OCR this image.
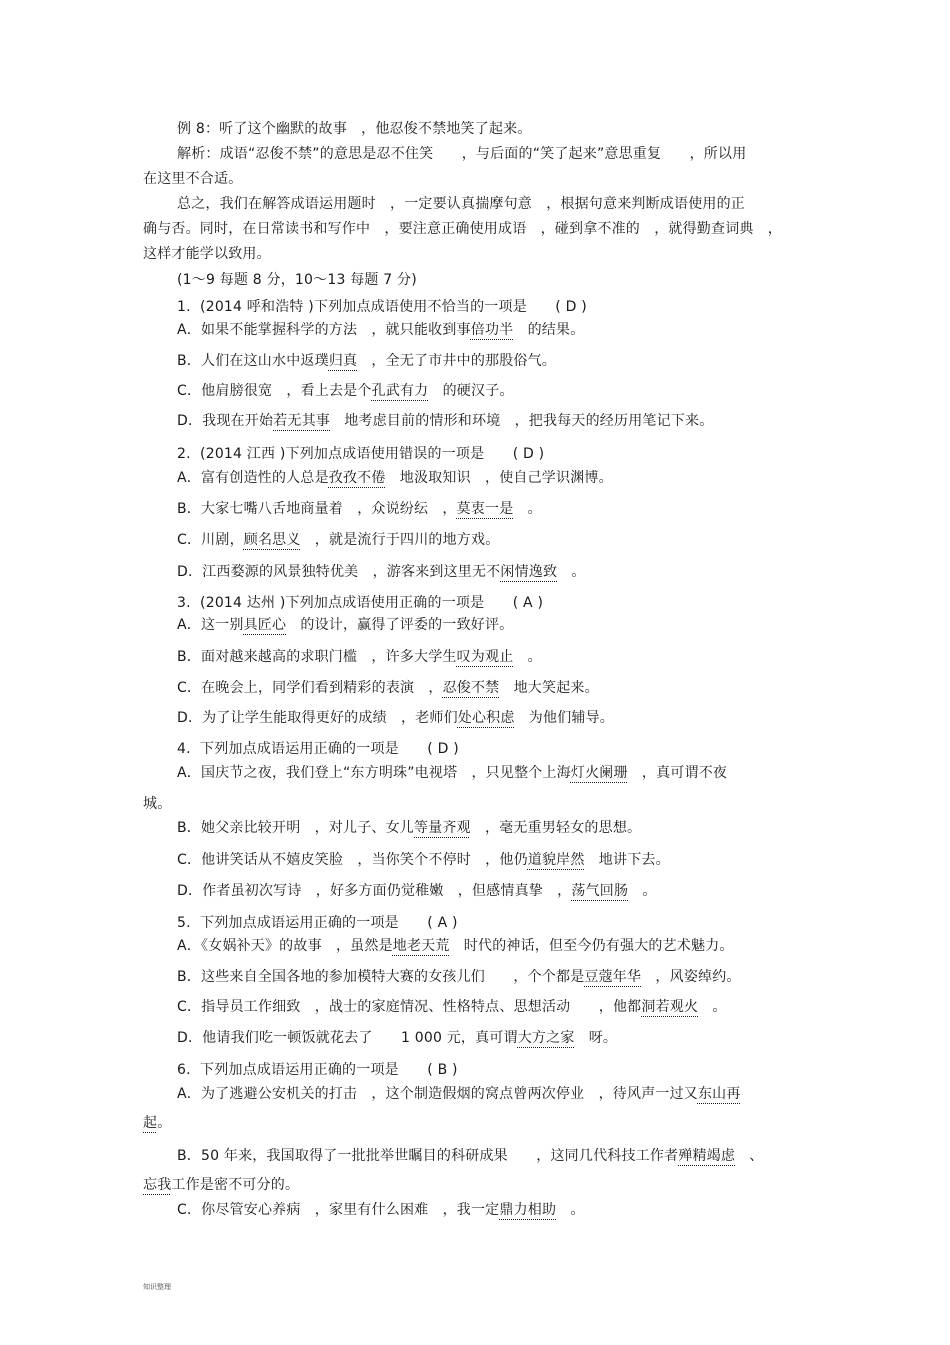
例 8：听了这个幽默的故事　，他忍俊不禁地笑了起来。
解析：成语“忍俊不禁”的意思是忍不住笑　　，与后面的“笑了起来”意思重复　　，所以用
在这里不合适。
总之，我们在解答成语运用题时　，一定要认真揣摩句意　，根据句意来判断成语使用的正
确与否。同时，在日常读书和写作中　，要注意正确使用成语　，碰到拿不准的　，就得勤查词典　，
这样才能学以致用。
(1～9 每题 8 分，10～13 每题 7 分)
1.  (2014 呼和浩特 )下列加点成语使用不恰当的一项是　　( D )
A．如果不能掌握科学的方法　，就只能收到事倍功半　的结果。
B．人们在这山水中返璞归真　，全无了市井中的那股俗气。
C．他肩膀很宽　，看上去是个孔武有力　的硬汉子。
D．我现在开始若无其事　地考虑目前的情形和环境　，把我每天的经历用笔记下来。
2.  (2014 江西 )下列加点成语使用错误的一项是　　( D )
A．富有创造性的人总是孜孜不倦　地汲取知识　，使自己学识渊博。
B．大家七嘴八舌地商量着　，众说纷纭　，莫衷一是　。
C．川剧，顾名思义　，就是流行于四川的地方戏。
D．江西婺源的风景独特优美　，游客来到这里无不闲情逸致　。
3.  (2014 达州 )下列加点成语使用正确的一项是　　( A )
A．这一别具匠心　的设计，赢得了评委的一致好评。
B．面对越来越高的求职门槛　，许多大学生叹为观止　。
C．在晚会上，同学们看到精彩的表演　，忍俊不禁　地大笑起来。
D．为了让学生能取得更好的成绩　，老师们处心积虑　为他们辅导。
4.  下列加点成语运用正确的一项是　　( D )
A．国庆节之夜，我们登上“东方明珠”电视塔　，只见整个上海灯火阑珊　，真可谓不夜
城。
B．她父亲比较开明　，对儿子、女儿等量齐观　，毫无重男轻女的思想。
C．他讲笑话从不嬉皮笑脸　，当你笑个不停时　，他仍道貌岸然　地讲下去。
D．作者虽初次写诗　，好多方面仍觉稚嫩　，但感情真挚　，荡气回肠　。
5.  下列加点成语运用正确的一项是　　( A )
A．《女娲补天》的故事　，虽然是地老天荒　时代的神话，但至今仍有强大的艺术魅力。
B．这些来自全国各地的参加模特大赛的女孩儿们　　，个个都是豆蔻年华　，风姿绰约。
C．指导员工作细致　，战士的家庭情况、性格特点、思想活动　　，他都洞若观火　。
D．他请我们吃一顿饭就花去了　　1 000 元，真可谓大方之家　呀。
6.  下列加点成语运用正确的一项是　　( B )
A．为了逃避公安机关的打击　，这个制造假烟的窝点曾两次停业　，待风声一过又东山再
起。
B．50 年来，我国取得了一批批举世瞩目的科研成果　　，这同几代科技工作者殚精竭虑　、
忘我工作是密不可分的。
C．你尽管安心养病　，家里有什么困难　，我一定鼎力相助　。
知识整理
